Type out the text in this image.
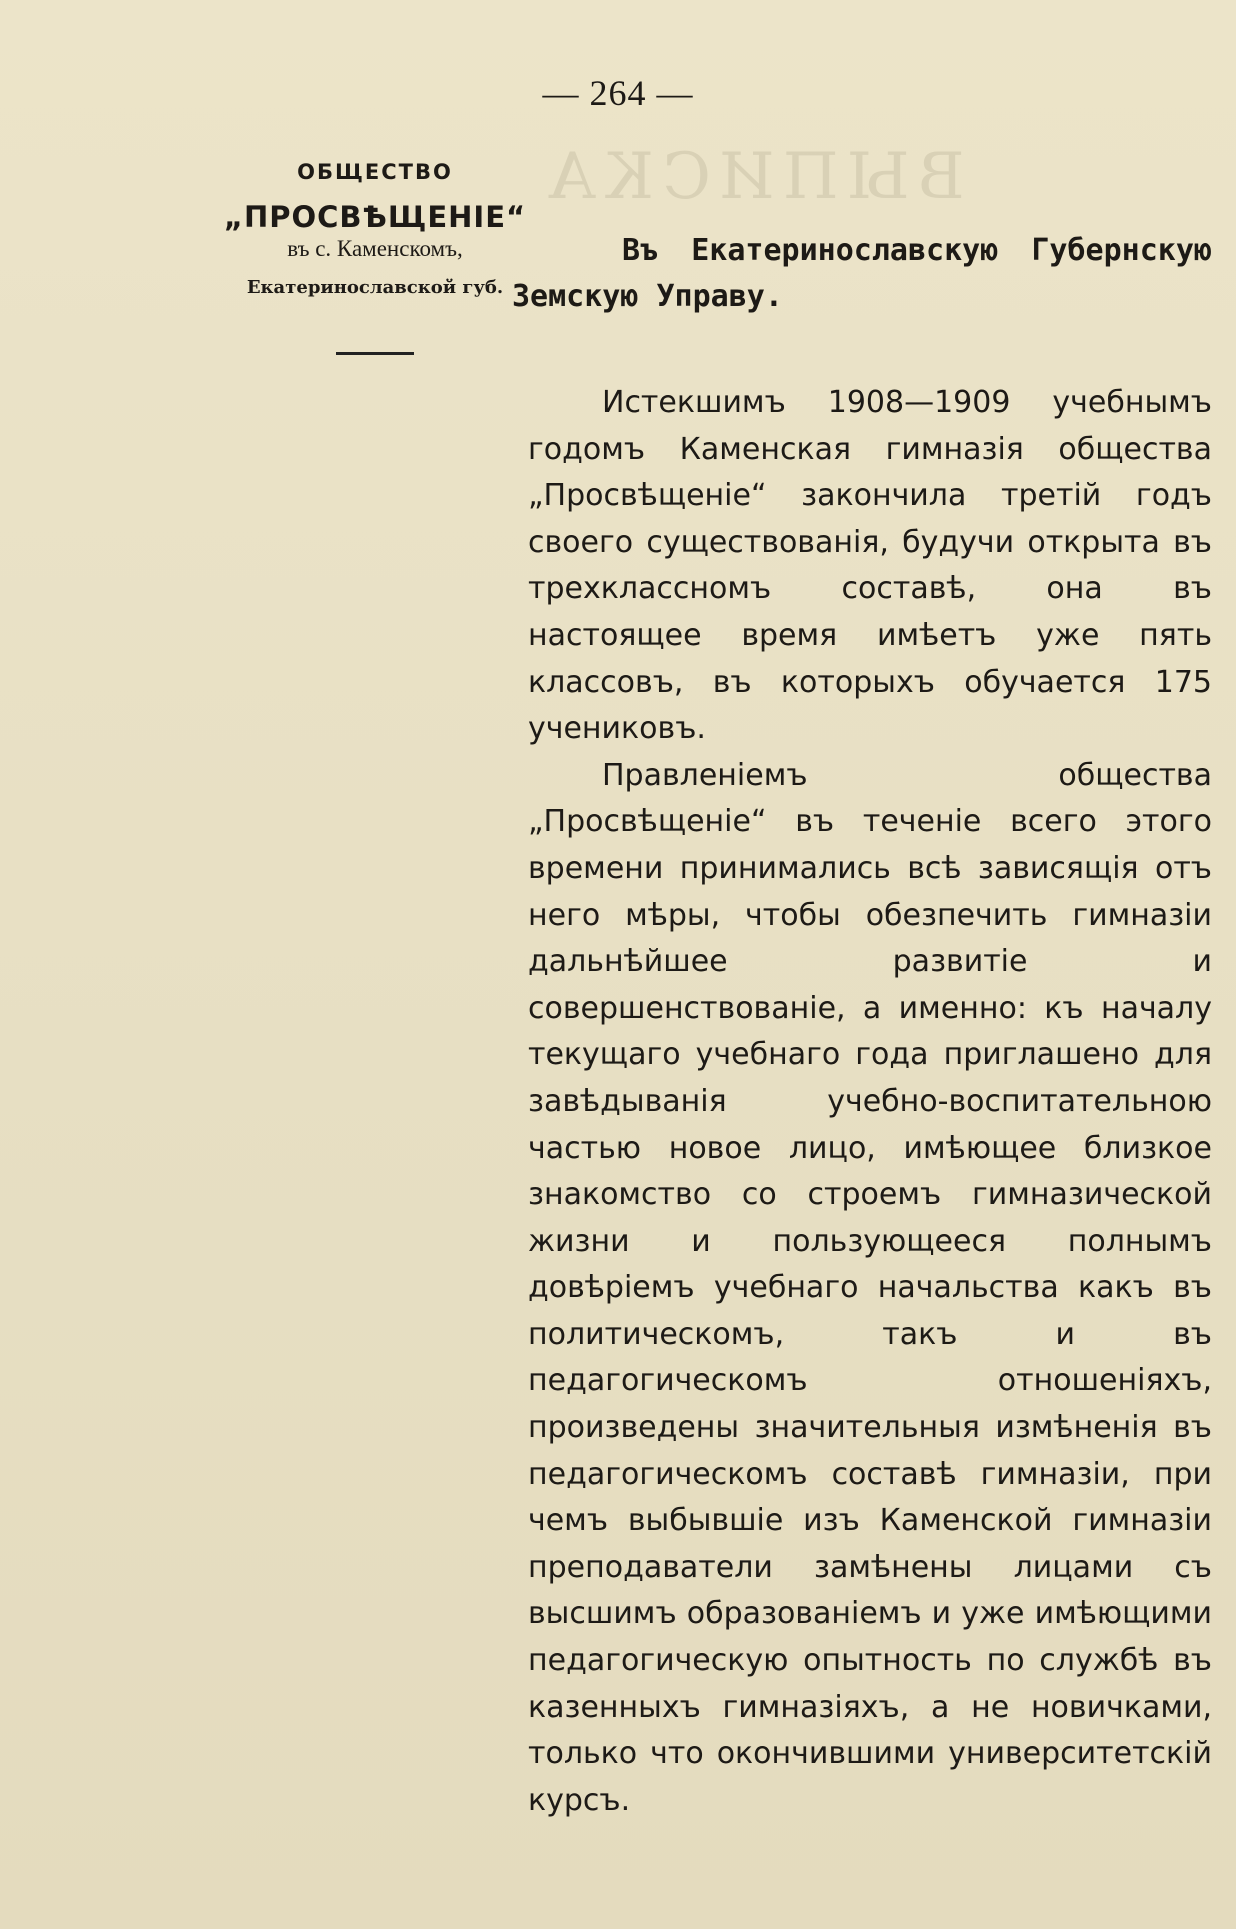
ВЫПИСКА
— 264 —
ОБЩЕСТВО
„ПРОСВѢЩЕНІЕ“
въ с. Каменскомъ,
Екатеринославской губ.
Въ Екатеринославскую Губернскую Земскую Управу.

Истекшимъ 1908—1909 учебнымъ годомъ Каменская гимназія общества „Просвѣщеніе“ закончила третій годъ своего существованія, будучи открыта въ трехклассномъ составѣ, она въ настоящее время имѣетъ уже пять классовъ, въ которыхъ обучается 175 учениковъ.

Правленіемъ общества „Просвѣщеніе“ въ теченіе всего этого времени принимались всѣ зависящія отъ него мѣры, чтобы обезпечить гимназіи дальнѣйшее развитіе и совершенствованіе, а именно: къ началу текущаго учебнаго года приглашено для завѣдыванія учебно-воспитательною частью новое лицо, имѣющее близкое знакомство со строемъ гимназической жизни и пользующееся полнымъ довѣріемъ учебнаго начальства какъ въ политическомъ, такъ и въ педагогическомъ отношеніяхъ, произведены значительныя измѣненія въ педагогическомъ составѣ гимназіи, при чемъ выбывшіе изъ Каменской гимназіи преподаватели замѣнены лицами съ высшимъ образованіемъ и уже имѣющими педагогическую опытность по службѣ въ казенныхъ гимназіяхъ, а не новичками, только что окончившими университетскій курсъ.
